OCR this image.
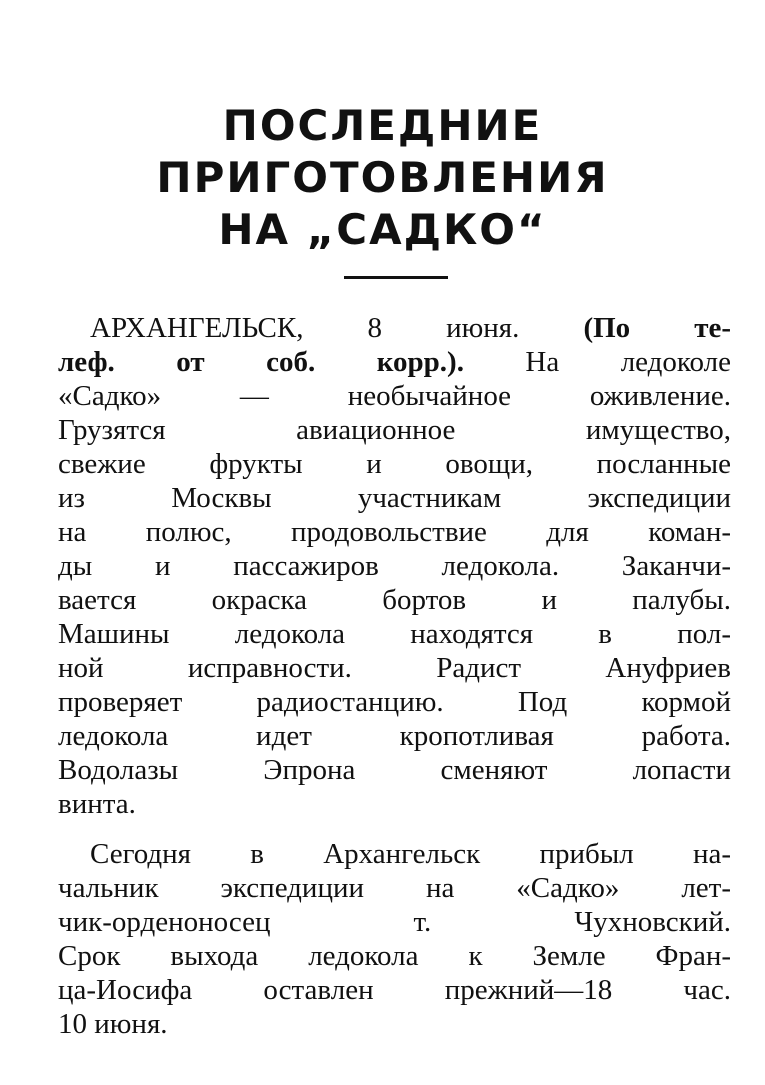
ПОСЛЕДНИЕ
ПРИГОТОВЛЕНИЯ
НА „САДКО“
АРХАНГЕЛЬСК, 8 июня. (По те-
леф. от соб. корр.). На ледоколе
«Садко» — необычайное оживление.
Грузятся авиационное имущество,
свежие фрукты и овощи, посланные
из Москвы участникам экспедиции
на полюс, продовольствие для коман-
ды и пассажиров ледокола. Заканчи-
вается окраска бортов и палубы.
Машины ледокола находятся в пол-
ной исправности. Радист Ануфриев
проверяет радиостанцию. Под кормой
ледокола идет кропотливая работа.
Водолазы Эпрона сменяют лопасти
винта.
Сегодня в Архангельск прибыл на-
чальник экспедиции на «Садко» лет-
чик-орденоносец т. Чухновский.
Срок выхода ледокола к Земле Фран-
ца-Иосифа оставлен прежний—18 час.
10 июня.
